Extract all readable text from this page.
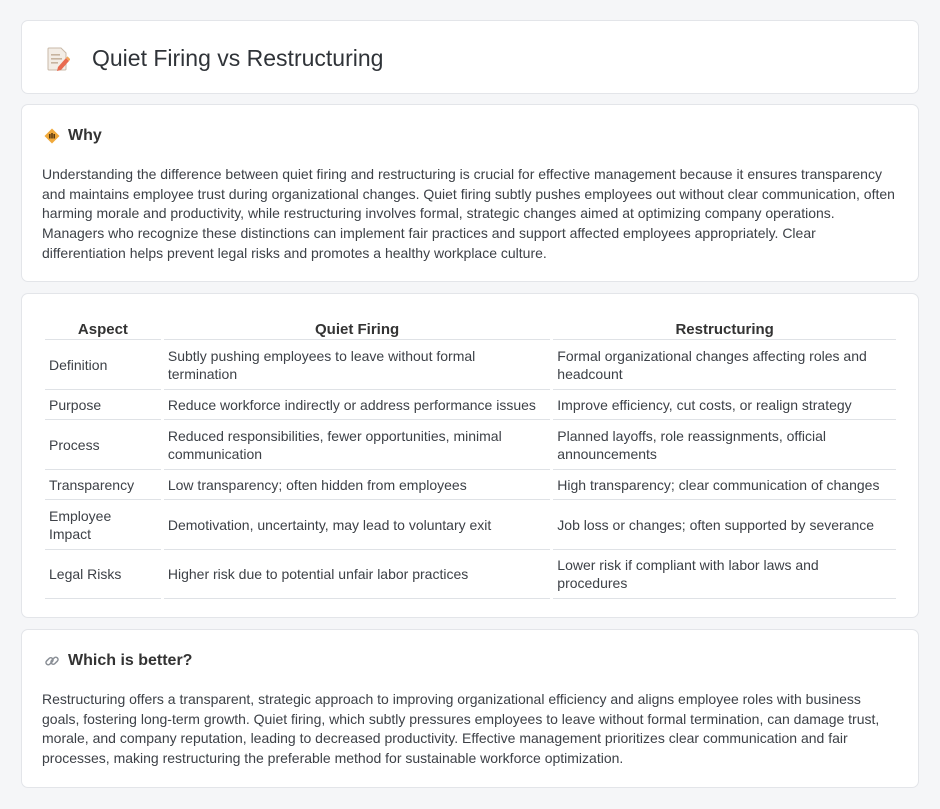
Quiet Firing vs Restructuring
Why

Understanding the difference between quiet firing and restructuring is crucial for effective management because it ensures transparency and maintains employee trust during organizational changes. Quiet firing subtly pushes employees out without clear communication, often harming morale and productivity, while restructuring involves formal, strategic changes aimed at optimizing company operations. Managers who recognize these distinctions can implement fair practices and support affected employees appropriately. Clear differentiation helps prevent legal risks and promotes a healthy workplace culture.

Aspect	Quiet Firing	Restructuring
Definition	Subtly pushing employees to leave without formal termination	Formal organizational changes affecting roles and headcount
Purpose	Reduce workforce indirectly or address performance issues	Improve efficiency, cut costs, or realign strategy
Process	Reduced responsibilities, fewer opportunities, minimal communication	Planned layoffs, role reassignments, official announcements
Transparency	Low transparency; often hidden from employees	High transparency; clear communication of changes
Employee Impact	Demotivation, uncertainty, may lead to voluntary exit	Job loss or changes; often supported by severance
Legal Risks	Higher risk due to potential unfair labor practices	Lower risk if compliant with labor laws and procedures
Which is better?

Restructuring offers a transparent, strategic approach to improving organizational efficiency and aligns employee roles with business goals, fostering long-term growth. Quiet firing, which subtly pressures employees to leave without formal termination, can damage trust, morale, and company reputation, leading to decreased productivity. Effective management prioritizes clear communication and fair processes, making restructuring the preferable method for sustainable workforce optimization.
